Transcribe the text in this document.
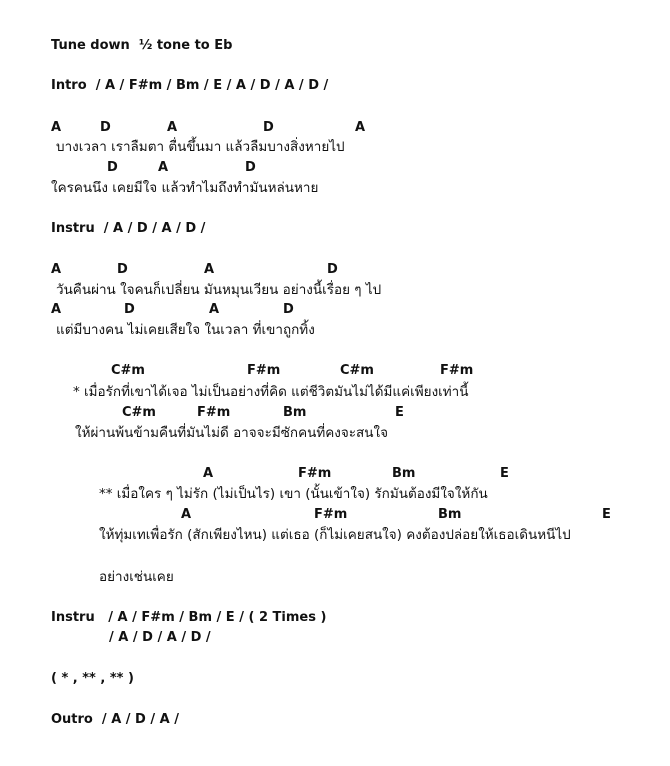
Tune down  ½ tone to Eb
Intro  / A / F#m / Bm / E / A / D / A / D /
A	D	A	D	A
บางเวลา เราลืมตา ตื่นขึ้นมา แล้วลืมบางสิ่งหายไป
D	A	D
ใครคนนึง เคยมีใจ แล้วทำไมถึงทำมันหล่นหาย
Instru  / A / D / A / D /
A	D	A	D
วันคืนผ่าน ใจคนก็เปลี่ยน มันหมุนเวียน อย่างนี้เรื่อย ๆ ไป
A	D	A	D
แต่มีบางคน ไม่เคยเสียใจ ในเวลา ที่เขาถูกทิ้ง
C#m	F#m	C#m	F#m
* เมื่อรักที่เขาได้เจอ ไม่เป็นอย่างที่คิด แต่ชีวิตมันไม่ได้มีแค่เพียงเท่านี้
C#m	F#m	Bm	E
ให้ผ่านพ้นข้ามคืนที่มันไม่ดี อาจจะมีซักคนที่คงจะสนใจ
A	F#m	Bm	E
** เมื่อใคร ๆ ไม่รัก (ไม่เป็นไร) เขา (นั้นเข้าใจ) รักมันต้องมีใจให้กัน
A	F#m	Bm	E
ให้ทุ่มเทเพื่อรัก (สักเพียงไหน) แต่เธอ (ก็ไม่เคยสนใจ) คงต้องปล่อยให้เธอเดินหนีไป
อย่างเช่นเคย
Instru   / A / F#m / Bm / E / ( 2 Times )
/ A / D / A / D /
( * , ** , ** )
Outro  / A / D / A /
